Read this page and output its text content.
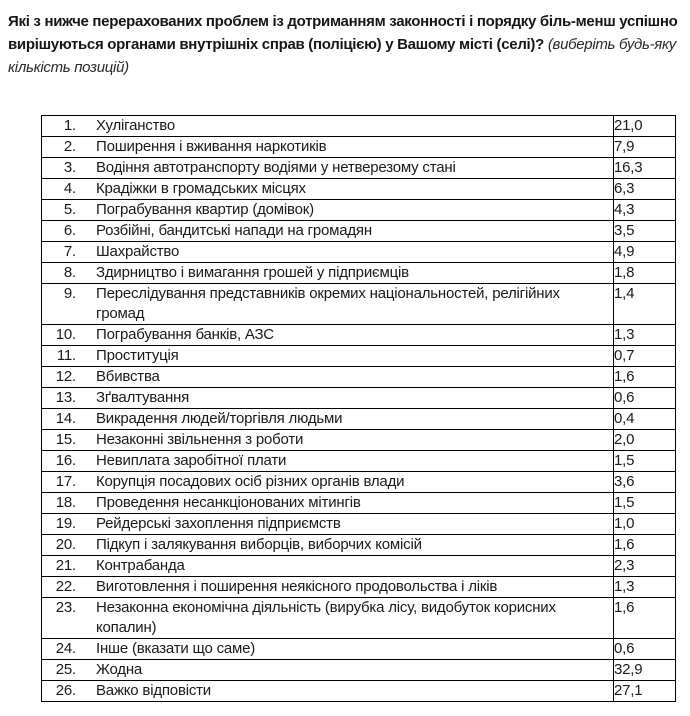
Які з нижче перерахованих проблем із дотриманням законності і порядку біль-менш успішно вирішуються органами внутрішніх справ (поліцією) у Вашому місті (селі)? (виберіть будь-яку кількість позицій)

1. Хуліганство	21,0

2. Поширення і вживання наркотиків	7,9

3. Водіння автотранспорту водіями у нетверезому стані	16,3

4. Крадіжки в громадських місцях	6,3

5. Пограбування квартир (домівок)	4,3

6. Розбійні, бандитські напади на громадян	3,5

7. Шахрайство	4,9

8. Здирництво і вимагання грошей у підприємців	1,8

9. Переслідування представників окремих національностей, релігійних громад	1,4

10. Пограбування банків, АЗС	1,3

11. Проституція	0,7

12. Вбивства	1,6

13. Зґвалтування	0,6

14. Викрадення людей/торгівля людьми	0,4

15. Незаконні звільнення з роботи	2,0

16. Невиплата заробітної плати	1,5

17. Корупція посадових осіб різних органів влади	3,6

18. Проведення несанкціонованих мітингів	1,5

19. Рейдерські захоплення підприємств	1,0

20. Підкуп і залякування виборців, виборчих комісій	1,6

21. Контрабанда	2,3

22. Виготовлення і поширення неякісного продовольства і ліків	1,3

23. Незаконна економічна діяльність (вирубка лісу, видобуток корисних копалин)	1,6

24. Інше (вказати що саме)	0,6

25. Жодна	32,9

26. Важко відповісти	27,1
